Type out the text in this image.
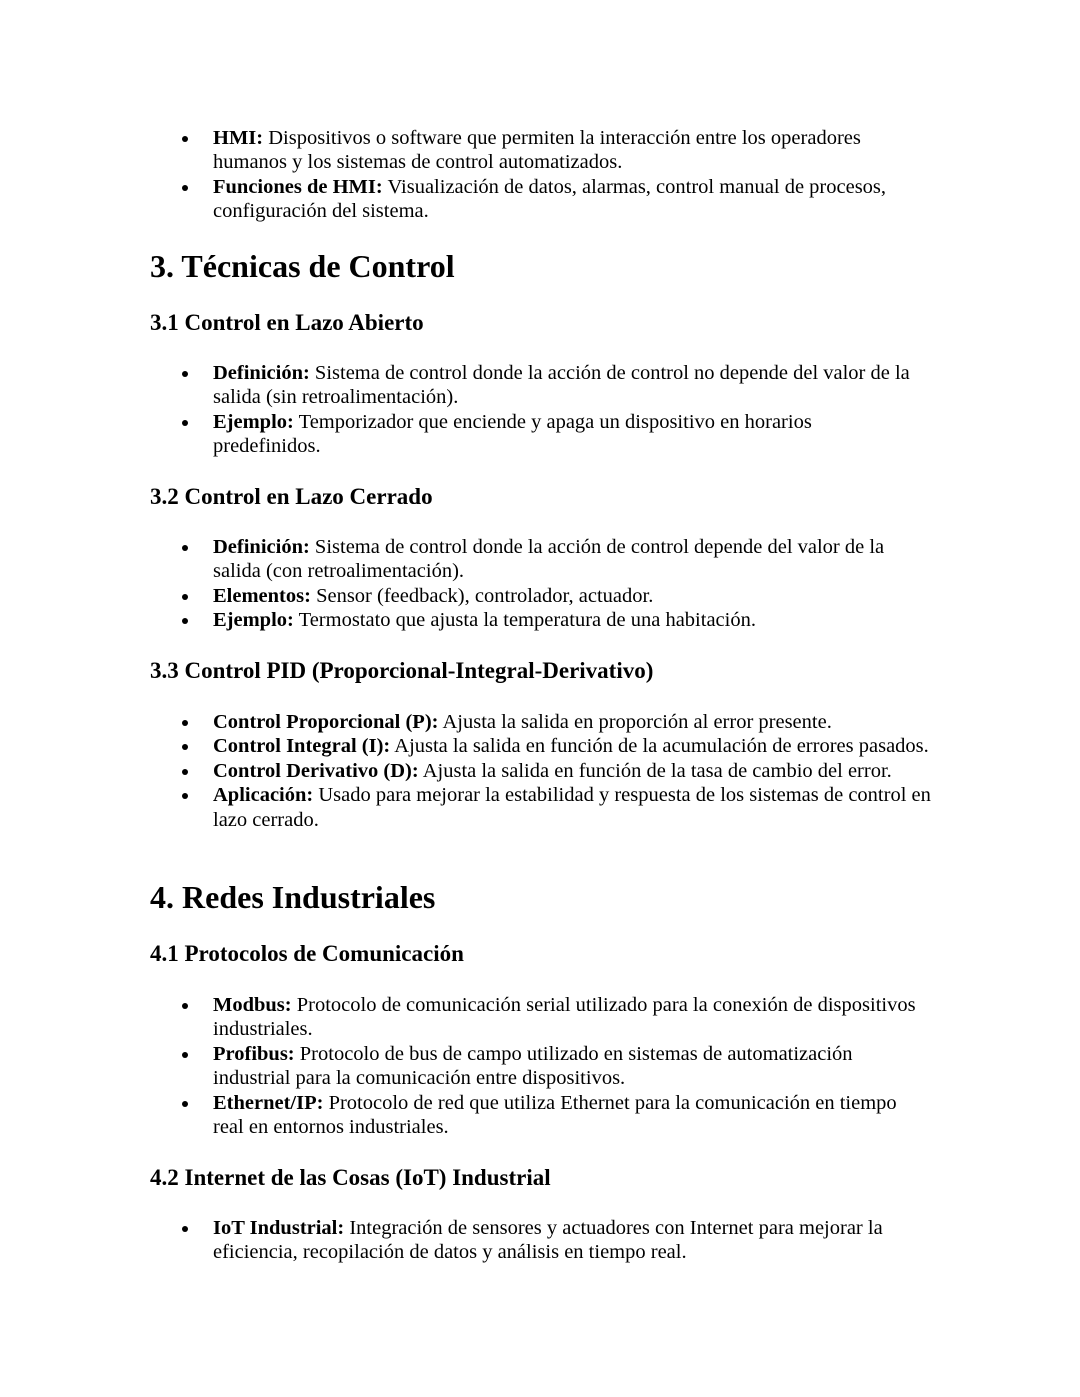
HMI: Dispositivos o software que permiten la interacción entre los operadores humanos y los sistemas de control automatizados.
Funciones de HMI: Visualización de datos, alarmas, control manual de procesos, configuración del sistema.
3. Técnicas de Control
3.1 Control en Lazo Abierto
Definición: Sistema de control donde la acción de control no depende del valor de la salida (sin retroalimentación).
Ejemplo: Temporizador que enciende y apaga un dispositivo en horarios predefinidos.
3.2 Control en Lazo Cerrado
Definición: Sistema de control donde la acción de control depende del valor de la salida (con retroalimentación).
Elementos: Sensor (feedback), controlador, actuador.
Ejemplo: Termostato que ajusta la temperatura de una habitación.
3.3 Control PID (Proporcional-Integral-Derivativo)
Control Proporcional (P): Ajusta la salida en proporción al error presente.
Control Integral (I): Ajusta la salida en función de la acumulación de errores pasados.
Control Derivativo (D): Ajusta la salida en función de la tasa de cambio del error.
Aplicación: Usado para mejorar la estabilidad y respuesta de los sistemas de control en lazo cerrado.
4. Redes Industriales
4.1 Protocolos de Comunicación
Modbus: Protocolo de comunicación serial utilizado para la conexión de dispositivos industriales.
Profibus: Protocolo de bus de campo utilizado en sistemas de automatización industrial para la comunicación entre dispositivos.
Ethernet/IP: Protocolo de red que utiliza Ethernet para la comunicación en tiempo real en entornos industriales.
4.2 Internet de las Cosas (IoT) Industrial
IoT Industrial: Integración de sensores y actuadores con Internet para mejorar la eficiencia, recopilación de datos y análisis en tiempo real.
